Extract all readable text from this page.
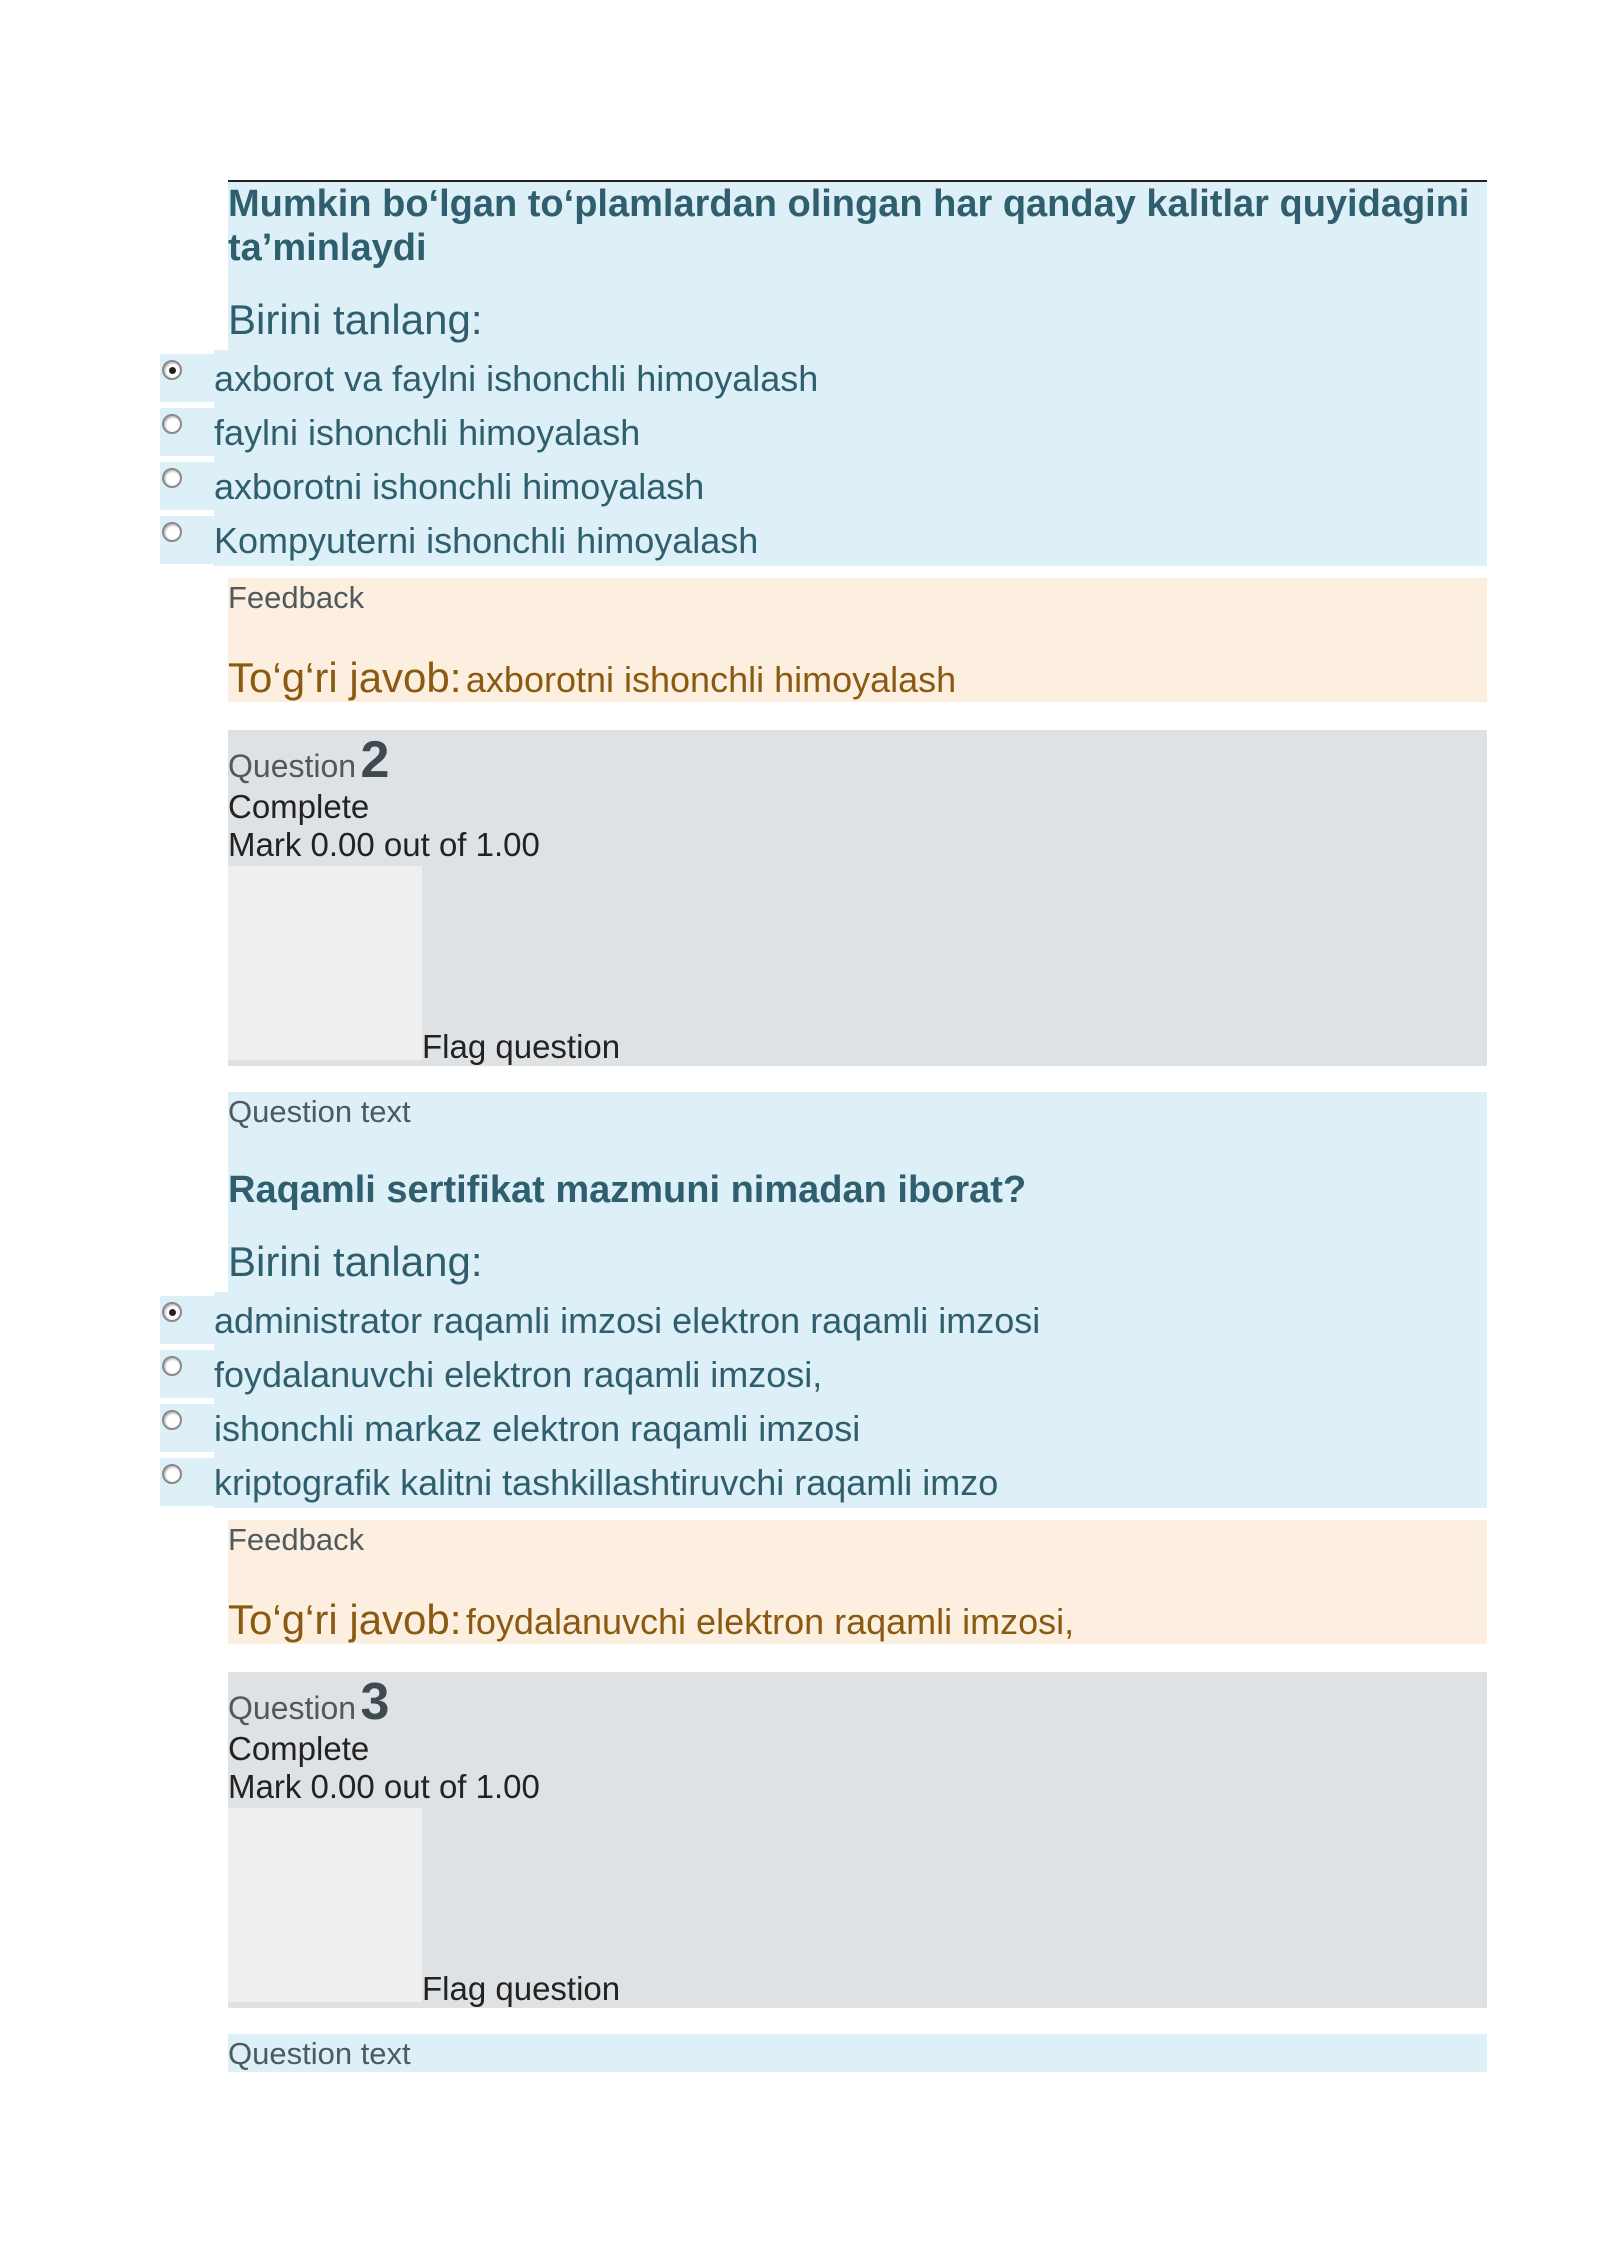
Mumkin bo‘lgan to‘plamlardan olingan har qanday kalitlar quyidagini ta’minlaydi
Birini tanlang:
axborot va faylni ishonchli himoyalash
faylni ishonchli himoyalash
axborotni ishonchli himoyalash
Kompyuterni ishonchli himoyalash
Feedback
To‘g‘ri javob: axborotni ishonchli himoyalash
Question 2
Complete
Mark 0.00 out of 1.00
Flag question
Question text
Raqamli sertifikat mazmuni nimadan iborat?
Birini tanlang:
administrator raqamli imzosi elektron raqamli imzosi
foydalanuvchi elektron raqamli imzosi,
ishonchli markaz elektron raqamli imzosi
kriptografik kalitni tashkillashtiruvchi raqamli imzo
Feedback
To‘g‘ri javob: foydalanuvchi elektron raqamli imzosi,
Question 3
Complete
Mark 0.00 out of 1.00
Flag question
Question text
